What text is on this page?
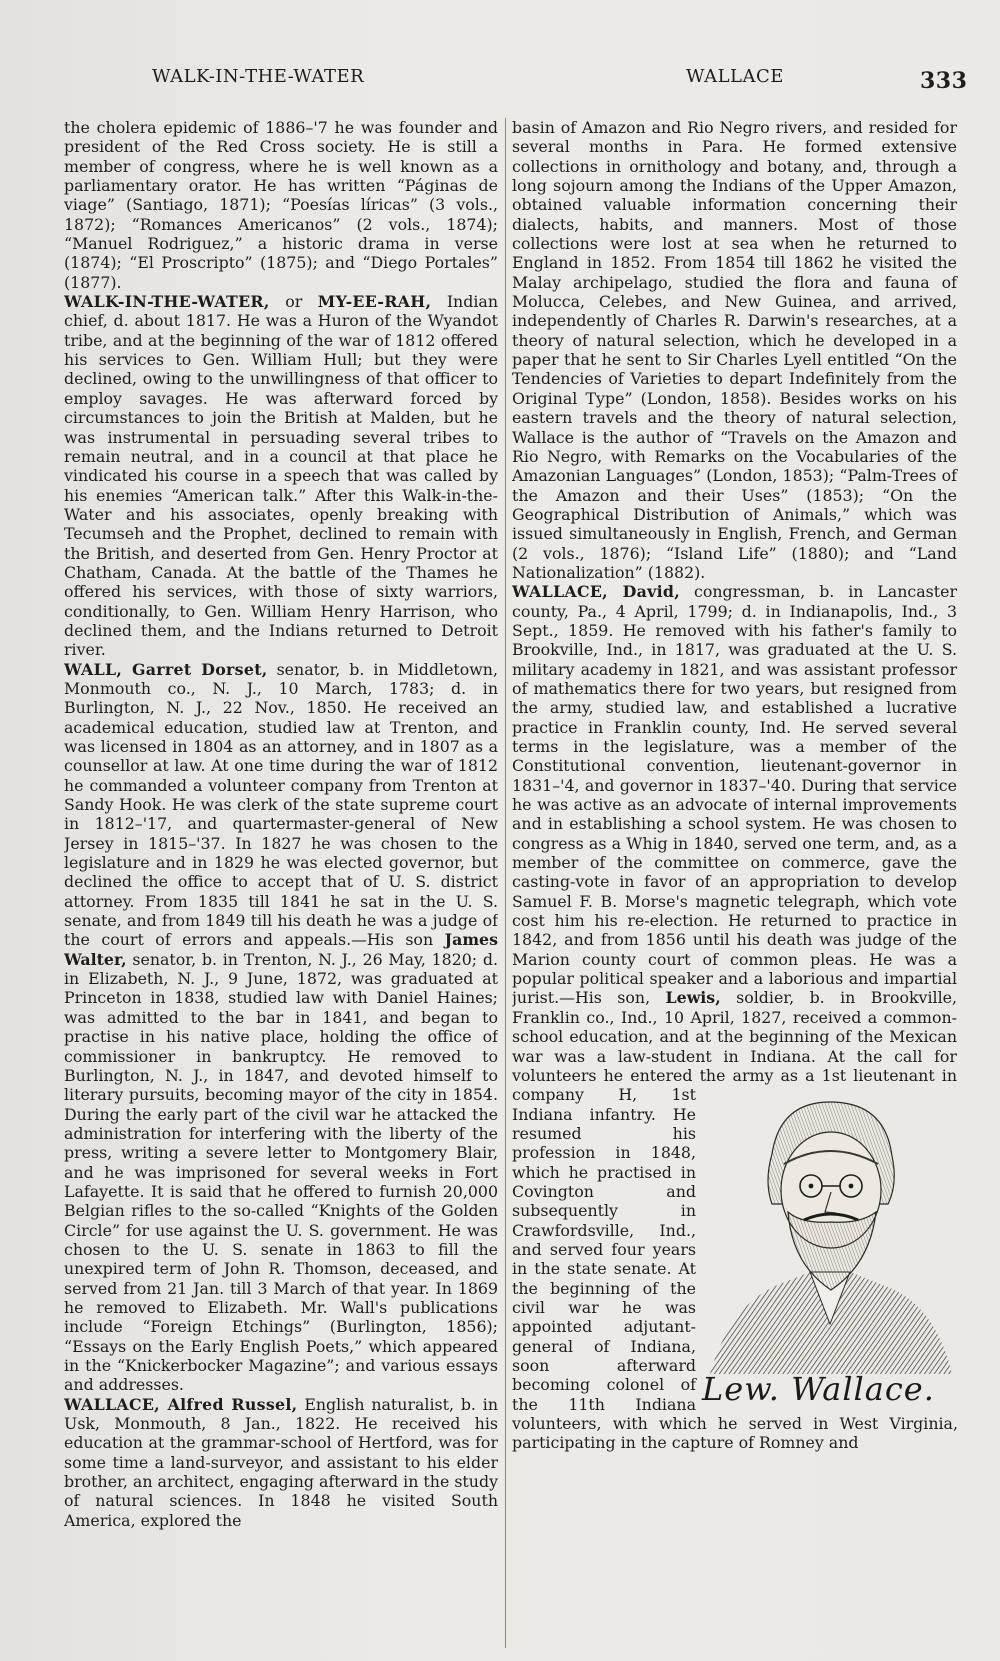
WALK-IN-THE-WATER	WALLACE	333

the cholera epidemic of 1886–'7 he was founder and president of the Red Cross society. He is still a member of congress, where he is well known as a parliamentary orator. He has written “Páginas de viage” (Santiago, 1871); “Poesías líricas” (3 vols., 1872); “Romances Americanos” (2 vols., 1874); “Manuel Rodriguez,” a historic drama in verse (1874); “El Proscripto” (1875); and “Diego Portales” (1877).

WALK-IN-THE-WATER, or MY-EE-RAH, Indian chief, d. about 1817. He was a Huron of the Wyandot tribe, and at the beginning of the war of 1812 offered his services to Gen. William Hull; but they were declined, owing to the unwillingness of that officer to employ savages. He was afterward forced by circumstances to join the British at Malden, but he was instrumental in persuading several tribes to remain neutral, and in a council at that place he vindicated his course in a speech that was called by his enemies “American talk.” After this Walk-in-the-Water and his associates, openly breaking with Tecumseh and the Prophet, declined to remain with the British, and deserted from Gen. Henry Proctor at Chatham, Canada. At the battle of the Thames he offered his services, with those of sixty warriors, conditionally, to Gen. William Henry Harrison, who declined them, and the Indians returned to Detroit river.

WALL, Garret Dorset, senator, b. in Middletown, Monmouth co., N. J., 10 March, 1783; d. in Burlington, N. J., 22 Nov., 1850. He received an academical education, studied law at Trenton, and was licensed in 1804 as an attorney, and in 1807 as a counsellor at law. At one time during the war of 1812 he commanded a volunteer company from Trenton at Sandy Hook. He was clerk of the state supreme court in 1812–'17, and quartermaster-general of New Jersey in 1815–'37. In 1827 he was chosen to the legislature and in 1829 he was elected governor, but declined the office to accept that of U. S. district attorney. From 1835 till 1841 he sat in the U. S. senate, and from 1849 till his death he was a judge of the court of errors and appeals.—His son James Walter, senator, b. in Trenton, N. J., 26 May, 1820; d. in Elizabeth, N. J., 9 June, 1872, was graduated at Princeton in 1838, studied law with Daniel Haines; was admitted to the bar in 1841, and began to practise in his native place, holding the office of commissioner in bankruptcy. He removed to Burlington, N. J., in 1847, and devoted himself to literary pursuits, becoming mayor of the city in 1854. During the early part of the civil war he attacked the administration for interfering with the liberty of the press, writing a severe letter to Montgomery Blair, and he was imprisoned for several weeks in Fort Lafayette. It is said that he offered to furnish 20,000 Belgian rifles to the so-called “Knights of the Golden Circle” for use against the U. S. government. He was chosen to the U. S. senate in 1863 to fill the unexpired term of John R. Thomson, deceased, and served from 21 Jan. till 3 March of that year. In 1869 he removed to Elizabeth. Mr. Wall's publications include “Foreign Etchings” (Burlington, 1856); “Essays on the Early English Poets,” which appeared in the “Knickerbocker Magazine”; and various essays and addresses.

WALLACE, Alfred Russel, English naturalist, b. in Usk, Monmouth, 8 Jan., 1822. He received his education at the grammar-school of Hertford, was for some time a land-surveyor, and assistant to his elder brother, an architect, engaging afterward in the study of natural sciences. In 1848 he visited South America, explored the

basin of Amazon and Rio Negro rivers, and resided for several months in Para. He formed extensive collections in ornithology and botany, and, through a long sojourn among the Indians of the Upper Amazon, obtained valuable information concerning their dialects, habits, and manners. Most of those collections were lost at sea when he returned to England in 1852. From 1854 till 1862 he visited the Malay archipelago, studied the flora and fauna of Molucca, Celebes, and New Guinea, and arrived, independently of Charles R. Darwin's researches, at a theory of natural selection, which he developed in a paper that he sent to Sir Charles Lyell entitled “On the Tendencies of Varieties to depart Indefinitely from the Original Type” (London, 1858). Besides works on his eastern travels and the theory of natural selection, Wallace is the author of “Travels on the Amazon and Rio Negro, with Remarks on the Vocabularies of the Amazonian Languages” (London, 1853); “Palm-Trees of the Amazon and their Uses” (1853); “On the Geographical Distribution of Animals,” which was issued simultaneously in English, French, and German (2 vols., 1876); “Island Life” (1880); and “Land Nationalization” (1882).

WALLACE, David, congressman, b. in Lancaster county, Pa., 4 April, 1799; d. in Indianapolis, Ind., 3 Sept., 1859. He removed with his father's family to Brookville, Ind., in 1817, was graduated at the U. S. military academy in 1821, and was assistant professor of mathematics there for two years, but resigned from the army, studied law, and established a lucrative practice in Franklin county, Ind. He served several terms in the legislature, was a member of the Constitutional convention, lieutenant-governor in 1831–'4, and governor in 1837–'40. During that service he was active as an advocate of internal improvements and in establishing a school system. He was chosen to congress as a Whig in 1840, served one term, and, as a member of the committee on commerce, gave the casting-vote in favor of an appropriation to develop Samuel F. B. Morse's magnetic telegraph, which vote cost him his re-election. He returned to practice in 1842, and from 1856 until his death was judge of the Marion county court of common pleas. He was a popular political speaker and a laborious and impartial jurist.—His son, Lewis, soldier, b. in Brookville, Franklin co., Ind., 10 April, 1827, received a common-school education, and at the beginning of the Mexican war was a law-student in Indiana. At the call for volunteers he entered the army as a 1st lieutenant in company H, 1st Indiana infantry. He resumed his profession in 1848, which he practised in Covington and subsequently in Crawfordsville, Ind., and served four years in the state senate. At the beginning of the civil war he was appointed adjutant-general of Indiana, soon afterward becoming colonel of the 11th Indiana volunteers, with which he served in West Virginia, participating in the capture of Romney and

Lew. Wallace.
